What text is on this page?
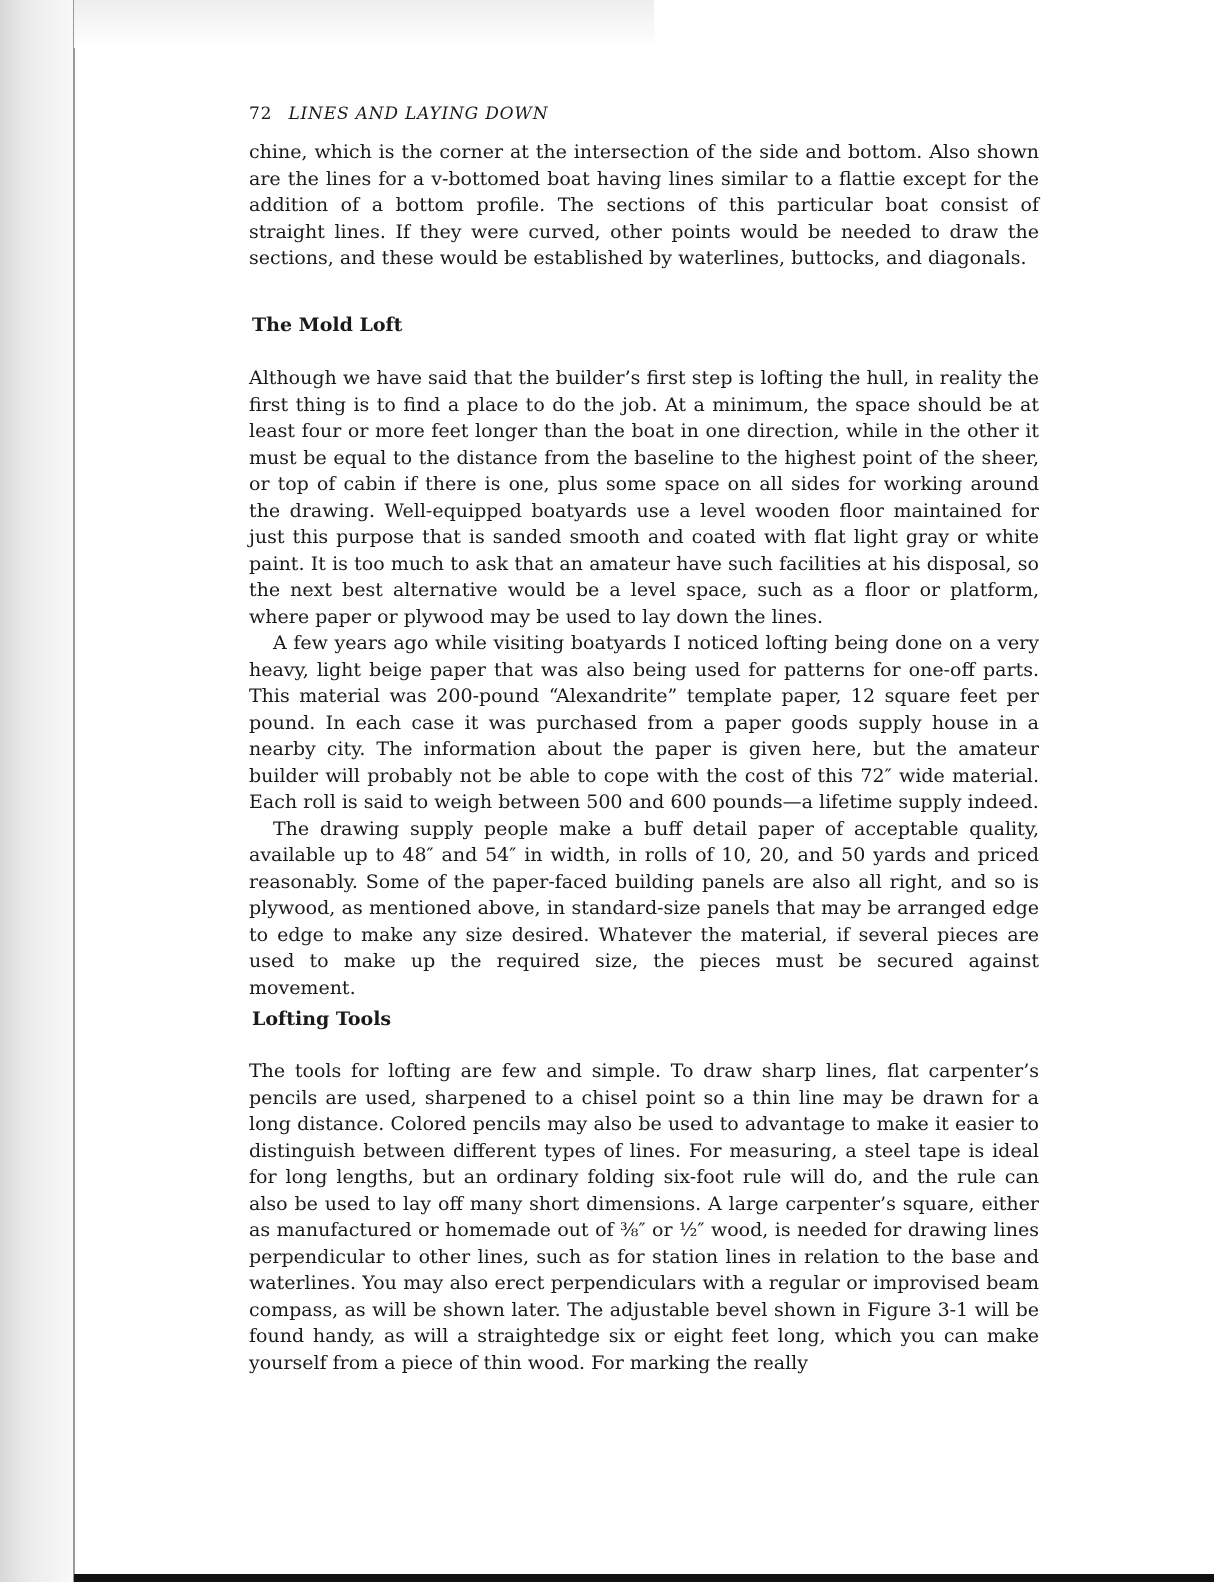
72 LINES AND LAYING DOWN

chine, which is the corner at the intersection of the side and bottom. Also shown are the lines for a v-bottomed boat having lines similar to a flattie except for the addition of a bottom profile. The sections of this particular boat consist of straight lines. If they were curved, other points would be needed to draw the sections, and these would be established by waterlines, buttocks, and diagonals.

The Mold Loft

Although we have said that the builder’s first step is lofting the hull, in reality the first thing is to find a place to do the job. At a minimum, the space should be at least four or more feet longer than the boat in one direction, while in the other it must be equal to the distance from the baseline to the highest point of the sheer, or top of cabin if there is one, plus some space on all sides for working around the drawing. Well-equipped boatyards use a level wooden floor maintained for just this purpose that is sanded smooth and coated with flat light gray or white paint. It is too much to ask that an amateur have such facilities at his disposal, so the next best alternative would be a level space, such as a floor or platform, where paper or plywood may be used to lay down the lines.

A few years ago while visiting boatyards I noticed lofting being done on a very heavy, light beige paper that was also being used for patterns for one-off parts. This material was 200-pound “Alexandrite” template paper, 12 square feet per pound. In each case it was purchased from a paper goods supply house in a nearby city. The information about the paper is given here, but the amateur builder will probably not be able to cope with the cost of this 72″ wide material. Each roll is said to weigh between 500 and 600 pounds—a lifetime supply indeed.

The drawing supply people make a buff detail paper of acceptable quality, available up to 48″ and 54″ in width, in rolls of 10, 20, and 50 yards and priced reasonably. Some of the paper-faced building panels are also all right, and so is plywood, as mentioned above, in standard-size panels that may be arranged edge to edge to make any size desired. Whatever the material, if several pieces are used to make up the required size, the pieces must be secured against movement.

Lofting Tools

The tools for lofting are few and simple. To draw sharp lines, flat carpenter’s pencils are used, sharpened to a chisel point so a thin line may be drawn for a long distance. Colored pencils may also be used to advantage to make it easier to distinguish between different types of lines. For measuring, a steel tape is ideal for long lengths, but an ordinary folding six-foot rule will do, and the rule can also be used to lay off many short dimensions. A large carpenter’s square, either as manufactured or homemade out of ⅜″ or ½″ wood, is needed for drawing lines perpendicular to other lines, such as for station lines in relation to the base and waterlines. You may also erect perpendiculars with a regular or improvised beam compass, as will be shown later. The adjustable bevel shown in Figure 3-1 will be found handy, as will a straightedge six or eight feet long, which you can make yourself from a piece of thin wood. For marking the really
